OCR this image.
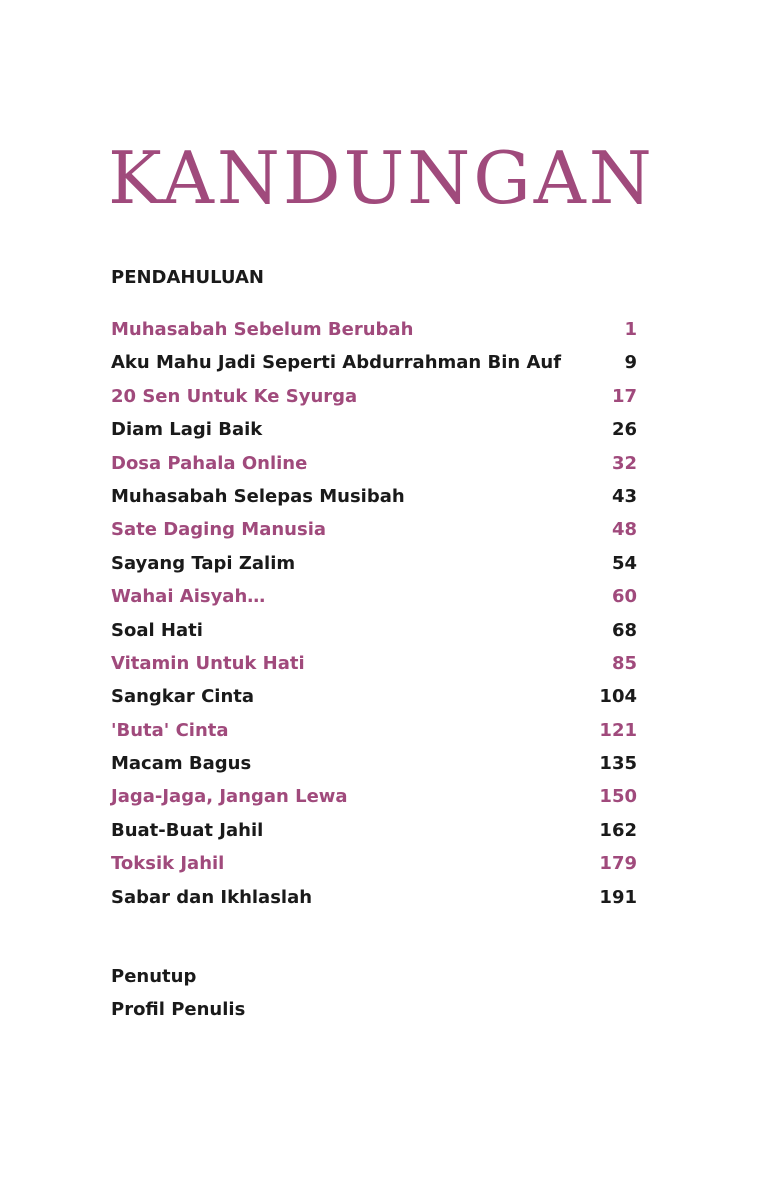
KANDUNGAN
PENDAHULUAN
Muhasabah Sebelum Berubah	1
Aku Mahu Jadi Seperti Abdurrahman Bin Auf	9
20 Sen Untuk Ke Syurga	17
Diam Lagi Baik	26
Dosa Pahala Online	32
Muhasabah Selepas Musibah	43
Sate Daging Manusia	48
Sayang Tapi Zalim	54
Wahai Aisyah…	60
Soal Hati	68
Vitamin Untuk Hati	85
Sangkar Cinta	104
'Buta' Cinta	121
Macam Bagus	135
Jaga-Jaga, Jangan Lewa	150
Buat-Buat Jahil	162
Toksik Jahil	179
Sabar dan Ikhlaslah	191
Penutup
Profil Penulis
